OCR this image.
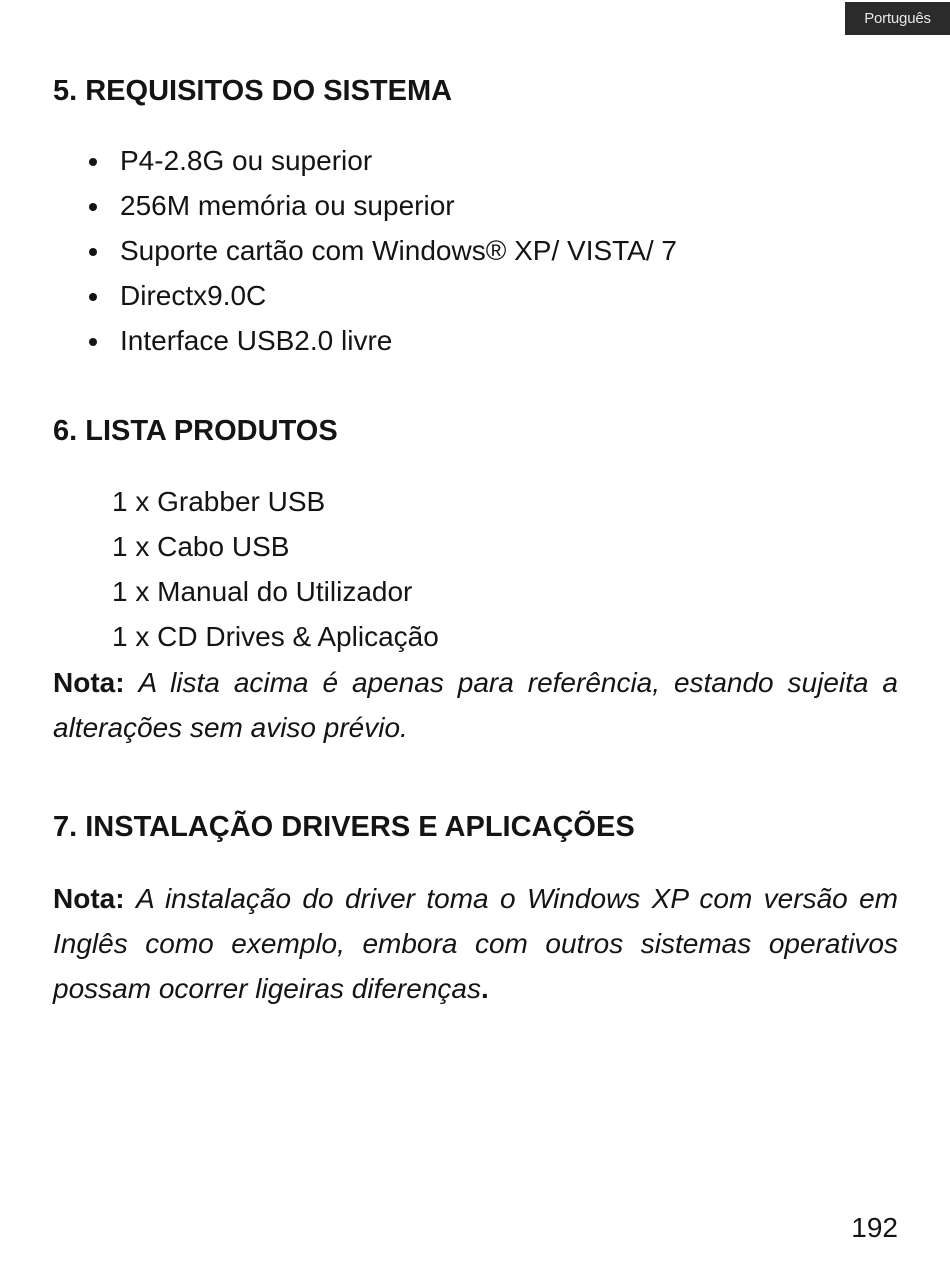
Português
5. REQUISITOS DO SISTEMA
P4-2.8G ou superior
256M memória ou superior
Suporte cartão com Windows® XP/ VISTA/ 7
Directx9.0C
Interface USB2.0 livre
6. LISTA PRODUTOS
1 x Grabber USB
1 x Cabo USB
1 x Manual do Utilizador
1 x CD Drives & Aplicação

Nota: A lista acima é apenas para referência, estando sujeita a alterações sem aviso prévio.

7. INSTALAÇÃO DRIVERS E APLICAÇÕES

Nota: A instalação do driver toma o Windows XP com versão em Inglês como exemplo, embora com outros sistemas operativos possam ocorrer ligeiras diferenças.

192
